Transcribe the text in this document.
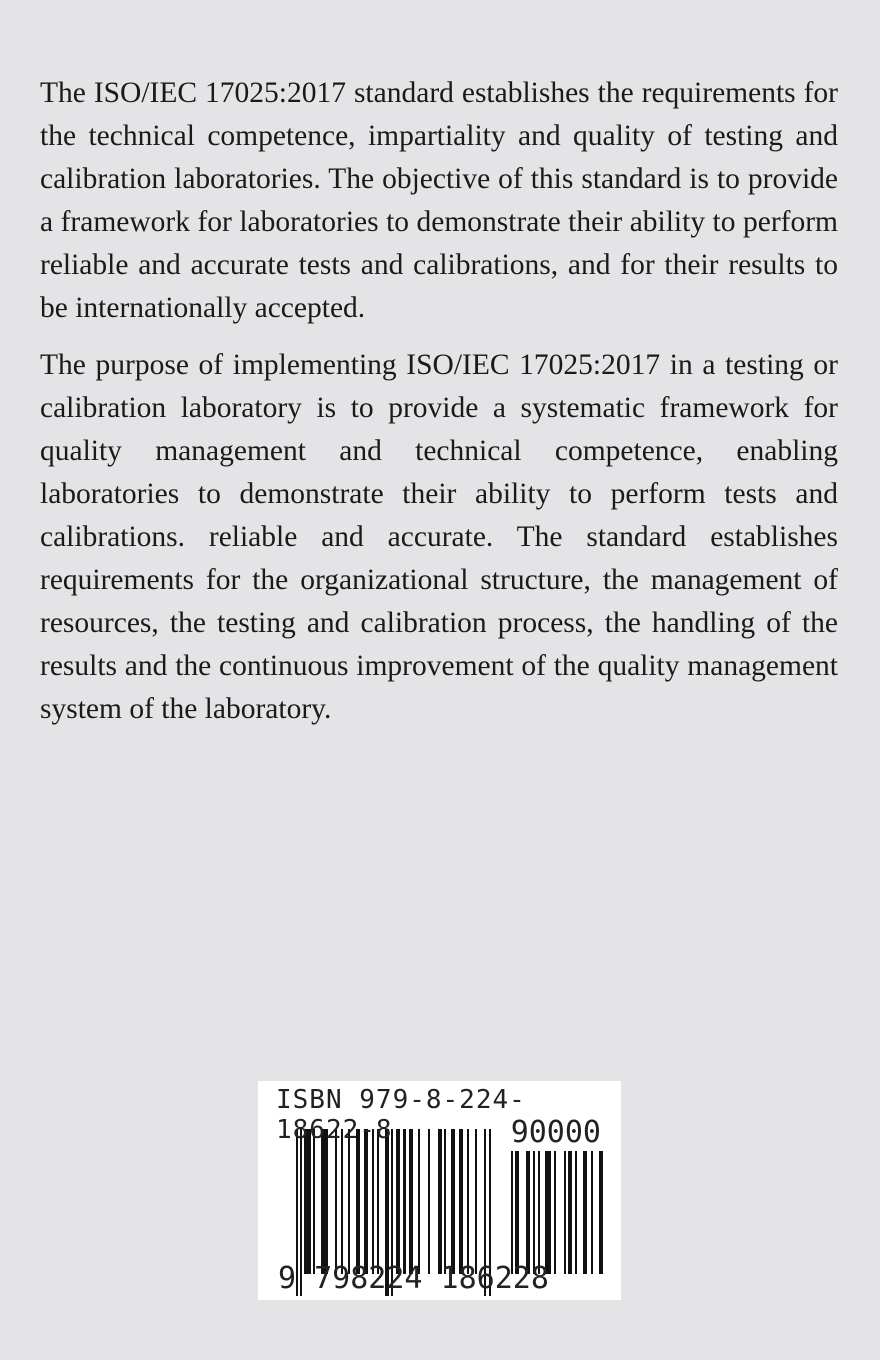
The ISO/IEC 17025:2017 standard establishes the requirements for the technical competence, impartiality and quality of testing and calibration laboratories. The objective of this standard is to provide a framework for laboratories to demonstrate their ability to perform reliable and accurate tests and calibrations, and for their results to be internationally accepted.

The purpose of implementing ISO/IEC 17025:2017 in a testing or calibration laboratory is to provide a systematic framework for quality management and technical competence, enabling laboratories to demonstrate their ability to perform tests and calibrations. reliable and accurate. The standard establishes requirements for the organizational structure, the management of resources, the testing and calibration process, the handling of the results and the continuous improvement of the quality management system of the laboratory.

ISBN 979-8-224-18622-8	90000
9 798224 186228
